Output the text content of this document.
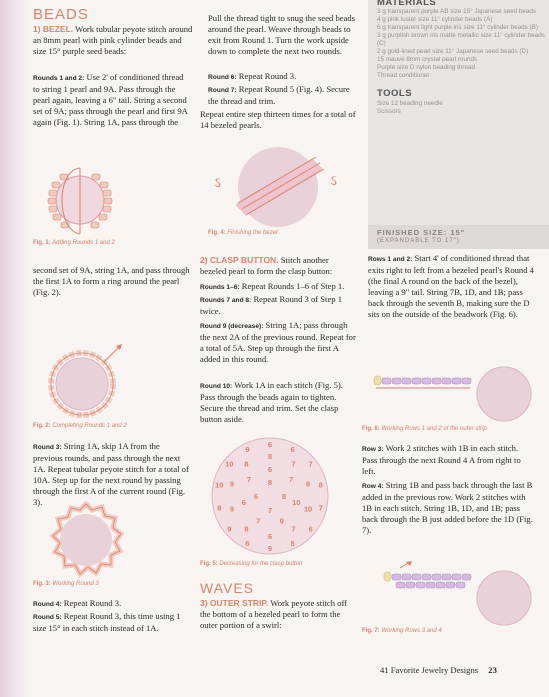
BEADS

1) BEZEL. Work tubular peyote stitch around an 8mm pearl with pink cylinder beads and size 15° purple seed beads:

Rounds 1 and 2: Use 2' of conditioned thread to string 1 pearl and 9A. Pass through the pearl again, leaving a 6" tail. String a second set of 9A; pass through the pearl and first 9A again (Fig. 1). String 1A, pass through the

Fig. 1: Adding Rounds 1 and 2

second set of 9A, string 1A, and pass through the first 1A to form a ring around the pearl (Fig. 2).

Fig. 2: Completing Rounds 1 and 2

Round 3: String 1A, skip 1A from the previous rounds, and pass through the next 1A. Repeat tubular peyote stitch for a total of 10A. Step up for the next round by passing through the first A of the current round (Fig. 3).

Fig. 3: Working Round 3

Round 4: Repeat Round 3.

Round 5: Repeat Round 3, this time using 1 size 15° in each stitch instead of 1A.

Pull the thread tight to snug the seed beads around the pearl. Weave through beads to exit from Round 1. Turn the work upside down to complete the next two rounds.

Round 6: Repeat Round 3.

Round 7: Repeat Round 5 (Fig. 4). Secure the thread and trim.

Repeat entire step thirteen times for a total of 14 bezeled pearls.

Fig. 4: Finishing the bezel

2) CLASP BUTTON. Stitch another bezeled pearl to form the clasp button:

Rounds 1–6: Repeat Rounds 1–6 of Step 1.

Rounds 7 and 8: Repeat Round 3 of Step 1 twice.

Round 9 (decrease): String 1A; pass through the next 2A of the previous round. Repeat for a total of 5A. Step up through the first A added in this round.

Round 10: Work 1A in each stitch (Fig. 5). Pass through the beads again to tighten. Secure the thread and trim. Set the clasp button aside.

Fig. 5: Decreasing for the clasp button
WAVES

3) OUTER STRIP. Work peyote stitch off the bottom of a bezeled pearl to form the outer portion of a swirl:

ઽ	ઽ
6
6
7
8
7
6
8
9
6
9
8
10
10
9
8
7
9
10
7
6
8
9
9
8
6
7
10
9
7
6
7 8
8
7
6
MATERIALS
3 g transparent purple AB size 15° Japanese seed beads
4 g pink luster size 11° cylinder beads (A)
6 g transparent light purple iris size 11° cylinder beads (B)
3 g purplish brown iris matte metallic size 11° cylinder beads (C)
2 g gold-lined pearl size 11° Japanese seed beads (D)
15 mauve 8mm crystal pearl rounds
Purple size D nylon beading thread
Thread conditioner
TOOLS
Size 12 beading needle
Scissors
FINISHED SIZE: 15"
(EXPANDABLE TO 17")

Rows 1 and 2: Start 4' of conditioned thread that exits right to left from a bezeled pearl's Round 4 (the final A round on the back of the bezel), leaving a 9" tail. String 7B, 1D, and 1B; pass back through the seventh B, making sure the D sits on the outside of the beadwork (Fig. 6).

Fig. 6: Working Rows 1 and 2 of the outer strip

Row 3: Work 2 stitches with 1B in each stitch. Pass through the next Round 4 A from right to left.

Row 4: String 1B and pass back through the last B added in the previous row. Work 2 stitches with 1B in each stitch. String 1B, 1D, and 1B; pass back through the B just added before the 1D (Fig. 7).

Fig. 7: Working Rows 3 and 4
41 Favorite Jewelry Designs 23
